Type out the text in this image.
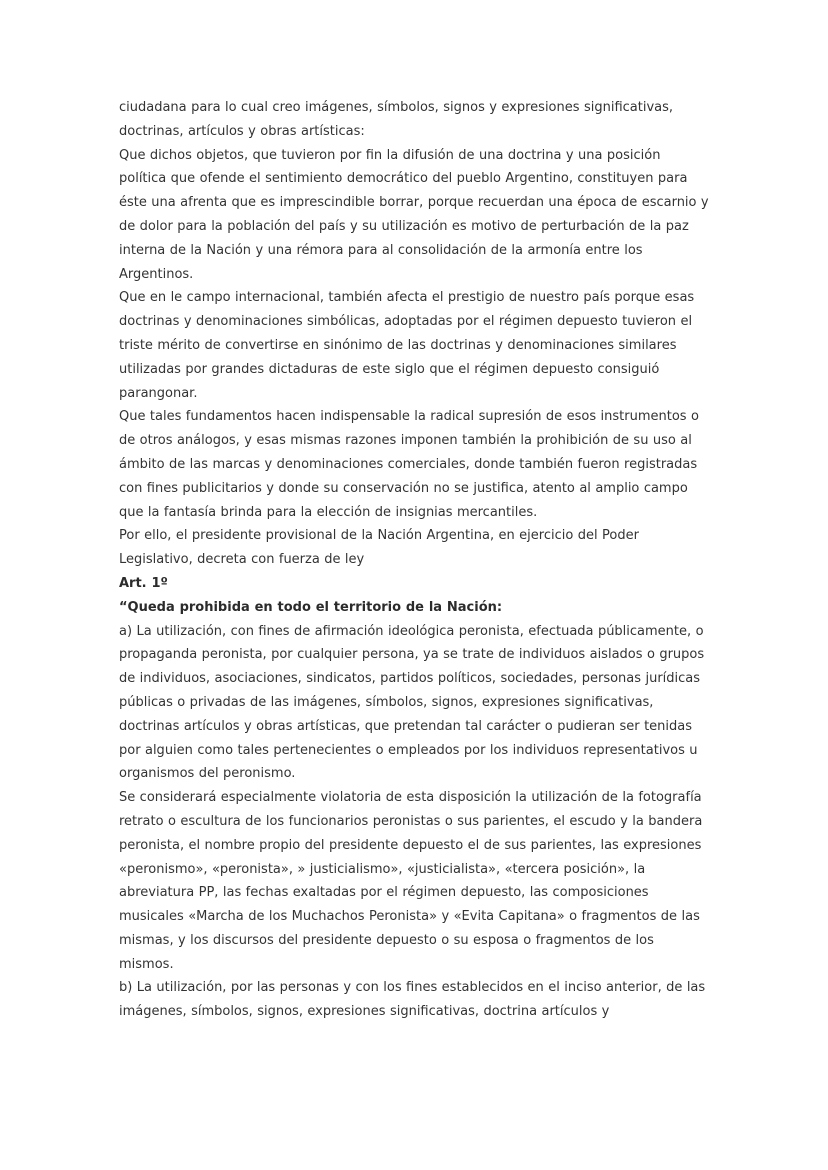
ciudadana para lo cual creo imágenes, símbolos, signos y expresiones significativas, doctrinas, artículos y obras artísticas:

Que dichos objetos, que tuvieron por fin la difusión de una doctrina y una posición política que ofende el sentimiento democrático del pueblo Argentino, constituyen para éste una afrenta que es imprescindible borrar, porque recuerdan una época de escarnio y de dolor para la población del país y su utilización es motivo de perturbación de la paz interna de la Nación y una rémora para al consolidación de la armonía entre los Argentinos.

Que en le campo internacional, también afecta el prestigio de nuestro país porque esas doctrinas y denominaciones simbólicas, adoptadas por el régimen depuesto tuvieron el triste mérito de convertirse en sinónimo de las doctrinas y denominaciones similares utilizadas por grandes dictaduras de este siglo que el régimen depuesto consiguió parangonar.

Que tales fundamentos hacen indispensable la radical supresión de esos instrumentos o de otros análogos, y esas mismas razones imponen también la prohibición de su uso al ámbito de las marcas y denominaciones comerciales, donde también fueron registradas con fines publicitarios y donde su conservación no se justifica, atento al amplio campo que la fantasía brinda para la elección de insignias mercantiles.

Por ello, el presidente provisional de la Nación Argentina, en ejercicio del Poder Legislativo, decreta con fuerza de ley

Art. 1º

“Queda prohibida en todo el territorio de la Nación:

a) La utilización, con fines de afirmación ideológica peronista, efectuada públicamente, o propaganda peronista, por cualquier persona, ya se trate de individuos aislados o grupos de individuos, asociaciones, sindicatos, partidos políticos, sociedades, personas jurídicas públicas o privadas de las imágenes, símbolos, signos, expresiones significativas, doctrinas artículos y obras artísticas, que pretendan tal carácter o pudieran ser tenidas por alguien como tales pertenecientes o empleados por los individuos representativos u organismos del peronismo.

Se considerará especialmente violatoria de esta disposición la utilización de la fotografía retrato o escultura de los funcionarios peronistas o sus parientes, el escudo y la bandera peronista, el nombre propio del presidente depuesto el de sus parientes, las expresiones «peronismo», «peronista», » justicialismo», «justicialista», «tercera posición», la abreviatura PP, las fechas exaltadas por el régimen depuesto, las composiciones musicales «Marcha de los Muchachos Peronista» y «Evita Capitana» o fragmentos de las mismas, y los discursos del presidente depuesto o su esposa o fragmentos de los mismos.

b) La utilización, por las personas y con los fines establecidos en el inciso anterior, de las imágenes, símbolos, signos, expresiones significativas, doctrina artículos y
